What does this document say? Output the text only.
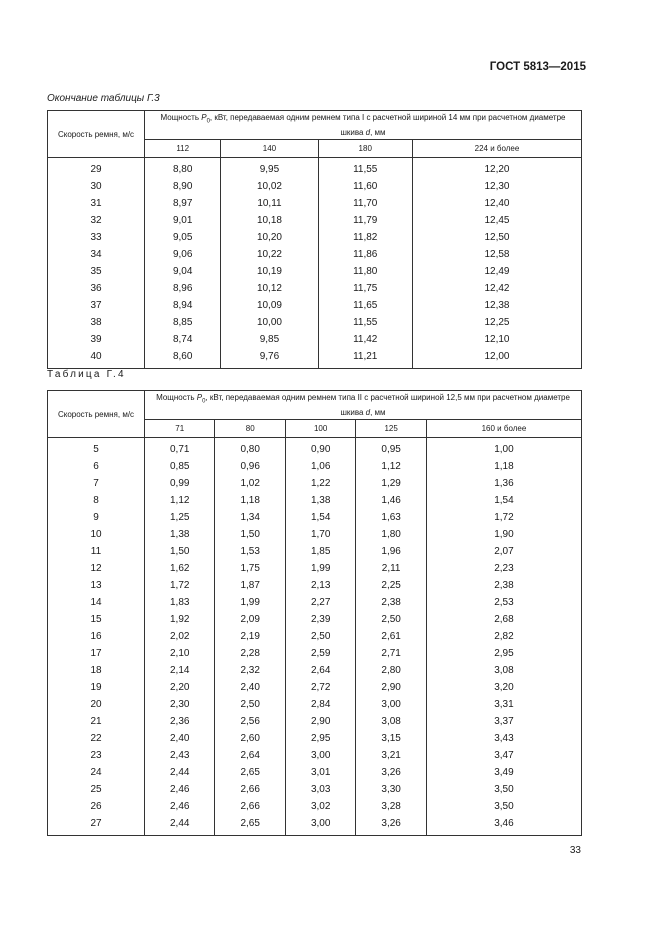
ГОСТ 5813—2015
Окончание таблицы Г.3
Скорость ремня, м/с	Мощность $P_0$, кВт, передаваемая одним ремнем типа I с расчетной шириной 14 мм при расчетном диаметре шкива d, мм			
	112	140	180	224 и более
29	8,80	9,95	11,55	12,20
30	8,90	10,02	11,60	12,30
31	8,97	10,11	11,70	12,40
32	9,01	10,18	11,79	12,45
33	9,05	10,20	11,82	12,50
34	9,06	10,22	11,86	12,58
35	9,04	10,19	11,80	12,49
36	8,96	10,12	11,75	12,42
37	8,94	10,09	11,65	12,38
38	8,85	10,00	11,55	12,25
39	8,74	9,85	11,42	12,10
40	8,60	9,76	11,21	12,00
Таблица Г.4
Скорость ремня, м/с	Мощность $P_0$, кВт, передаваемая одним ремнем типа II с расчетной шириной 12,5 мм при расчетном диаметре шкива d, мм				
	71	80	100	125	160 и более
5	0,71	0,80	0,90	0,95	1,00
6	0,85	0,96	1,06	1,12	1,18
7	0,99	1,02	1,22	1,29	1,36
8	1,12	1,18	1,38	1,46	1,54
9	1,25	1,34	1,54	1,63	1,72
10	1,38	1,50	1,70	1,80	1,90
11	1,50	1,53	1,85	1,96	2,07
12	1,62	1,75	1,99	2,11	2,23
13	1,72	1,87	2,13	2,25	2,38
14	1,83	1,99	2,27	2,38	2,53
15	1,92	2,09	2,39	2,50	2,68
16	2,02	2,19	2,50	2,61	2,82
17	2,10	2,28	2,59	2,71	2,95
18	2,14	2,32	2,64	2,80	3,08
19	2,20	2,40	2,72	2,90	3,20
20	2,30	2,50	2,84	3,00	3,31
21	2,36	2,56	2,90	3,08	3,37
22	2,40	2,60	2,95	3,15	3,43
23	2,43	2,64	3,00	3,21	3,47
24	2,44	2,65	3,01	3,26	3,49
25	2,46	2,66	3,03	3,30	3,50
26	2,46	2,66	3,02	3,28	3,50
27	2,44	2,65	3,00	3,26	3,46
33
